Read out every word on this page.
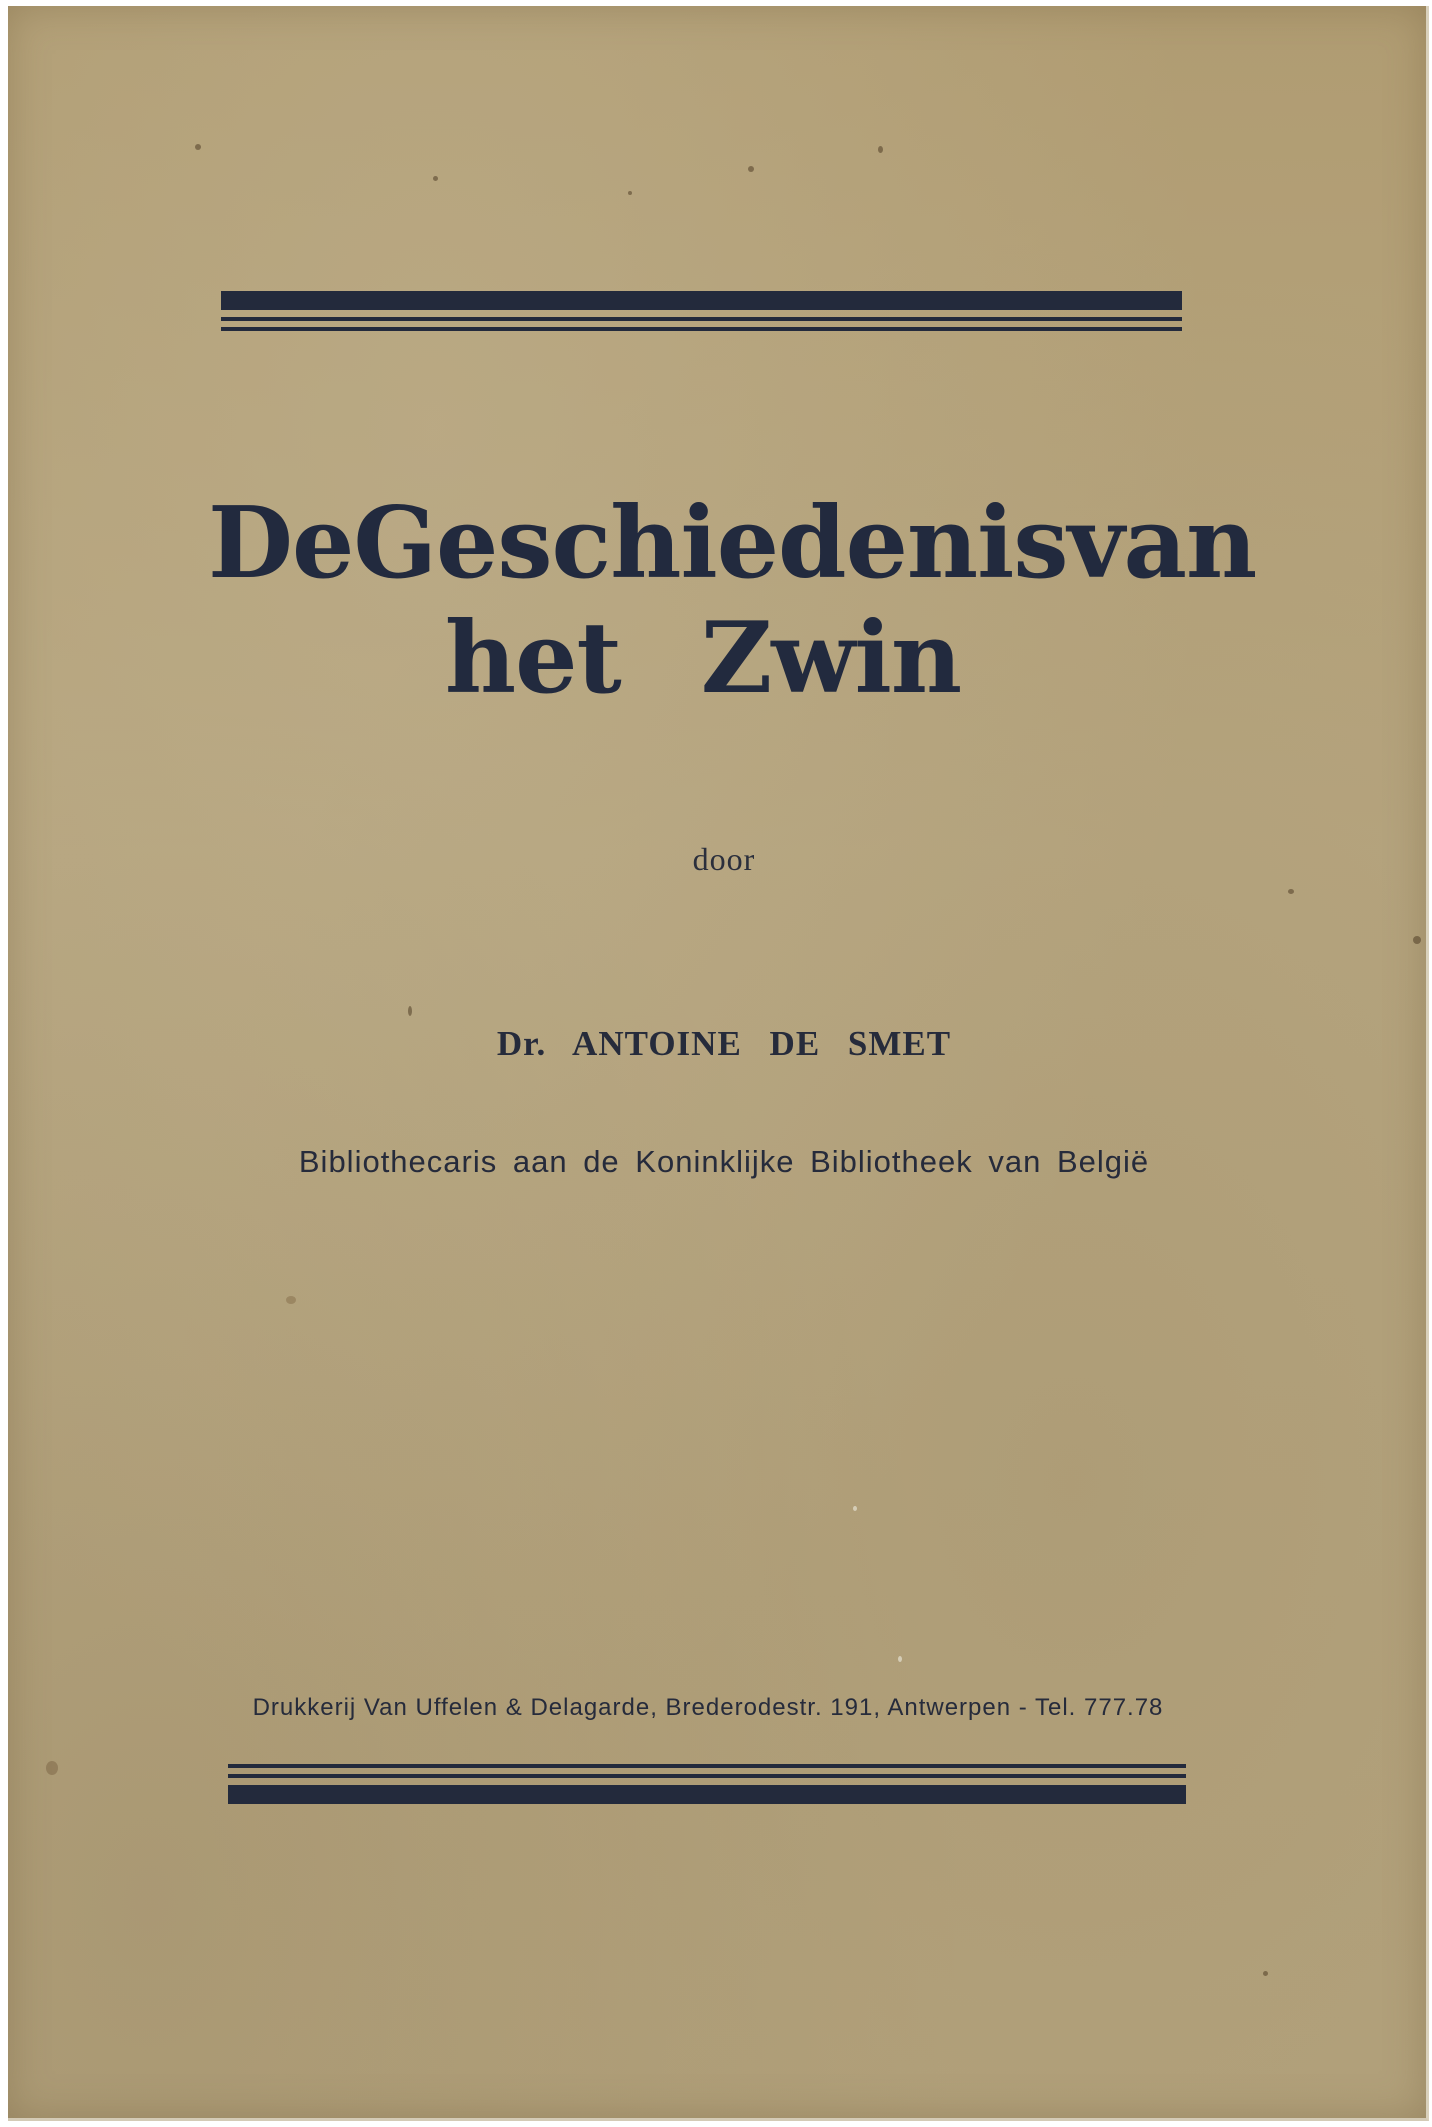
De Geschiedenis van
het Zwin
door
Dr. ANTOINE DE SMET
Bibliothecaris aan de Koninklijke Bibliotheek van België
Drukkerij Van Uffelen & Delagarde, Brederodestr. 191, Antwerpen - Tel. 777.78
